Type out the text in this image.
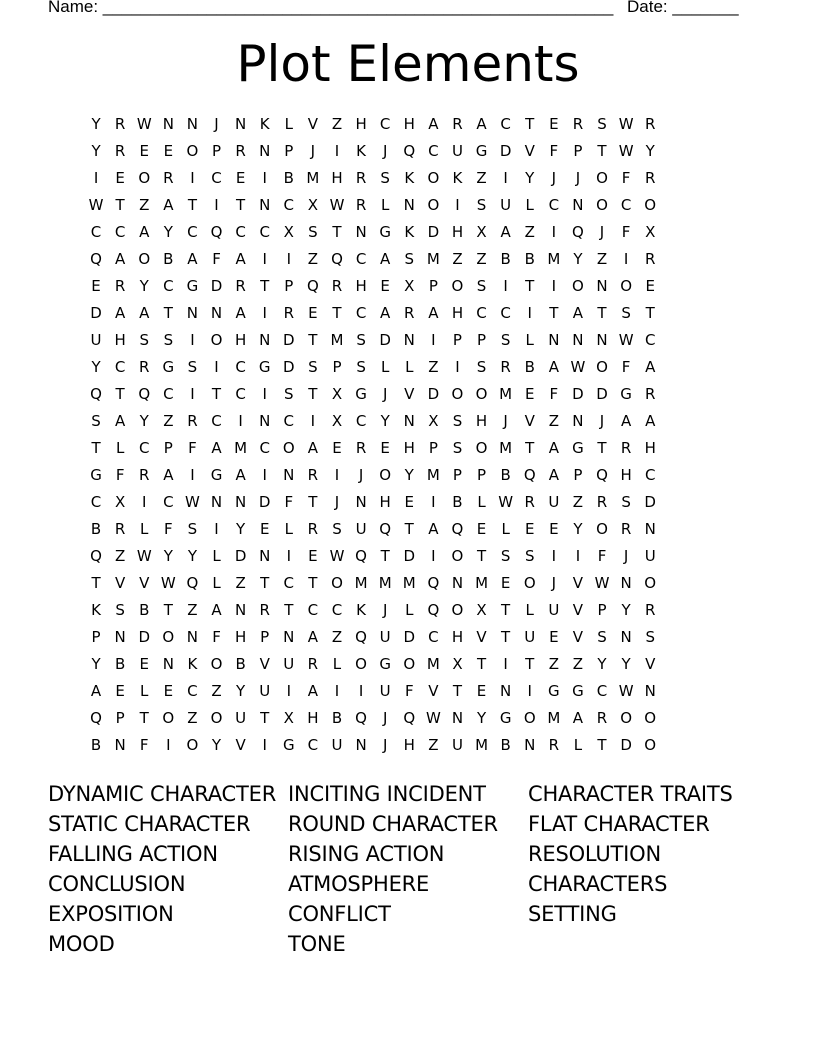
Name: ______________________________________________________ Date: _______
Plot Elements
Y R W N N	J	N K L V Z H C H A R A C T E R S W R
Y R E E O P R N P	J	I	K	J	Q C U G D V F	P T W Y
I	E O R	I	C E	I	B M H R S K O K Z	I	Y	J	J	O F R
W T Z A T	I	T N C X W R L N O	I	S U L C N O C O
C C A Y C Q C C X S T N G K D H X A Z	I	Q	J	F X
Q A O B A F A	I	I	Z Q C A S M Z Z B B M Y Z	I	R
E R Y C G D R T P Q R H E X P O S	I	T	I	O N O E
D A A T N N A	I	R E T C A R A H C C	I	T A T S T
U H S S	I	O H N D T M S D N	I	P	P S	L N N N W C
Y C R G S	I	C G D S P S	L	L Z	I	S R B A W O F A
Q T Q C	I	T C	I	S T X G	J	V D O O M E	F D D G R
S A Y Z R C	I	N C	I	X C Y N X S H	J	V Z N	J	A A
T	L C P	F A M C O A E R E H P S O M T A G T R H
G F R A	I	G A	I	N R	I	J	O Y M P	P B Q A P Q H C
C X	I	C W N N D F	T	J	N H E	I	B L W R U Z R S D
B R L	F	S	I	Y E	L R S U Q T A Q E	L	E E Y O R N
Q Z W Y Y	L D N	I	E W Q T D	I	O T S S	I	I	F	J	U
T V V W Q L Z T C T O M M M Q N M E O	J	V W N O
K S B T Z A N R T C C K	J	L Q O X T	L U V P Y R
P N D O N F H P N A Z Q U D C H V T U E V S N S
Y B E N K O B V U R L O G O M X T	I	T Z Z Y Y V
A E	L	E C Z Y U	I	A	I	I	U F V T E N	I	G G C W N
Q P T O Z O U T X H B Q	J	Q W N Y G O M A R O O
B N F	I	O Y V	I	G C U N	J	H Z U M B N R L	T D O
DYNAMIC CHARACTER
STATIC CHARACTER
FALLING ACTION
CONCLUSION
EXPOSITION
MOOD
INCITING INCIDENT
ROUND CHARACTER
RISING ACTION
ATMOSPHERE
CONFLICT
TONE
CHARACTER TRAITS
FLAT CHARACTER
RESOLUTION
CHARACTERS
SETTING
